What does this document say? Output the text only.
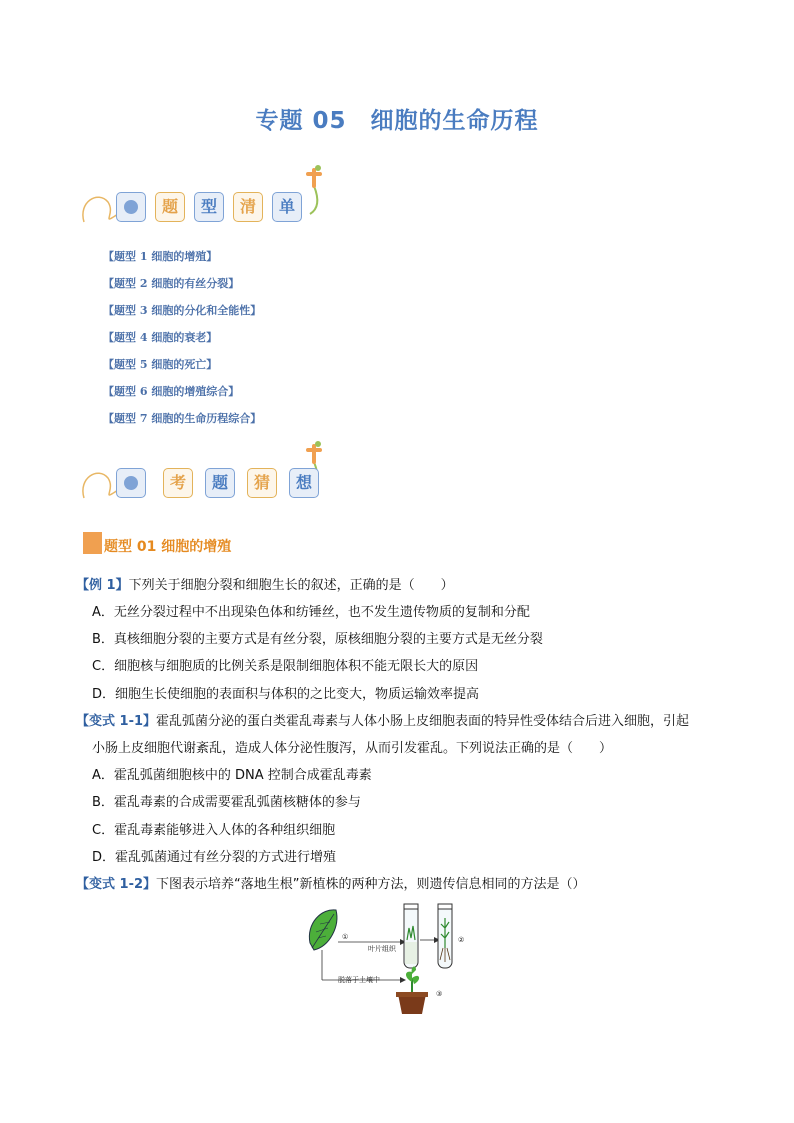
专题 05　细胞的生命历程
题	型	清	单
【题型 1 细胞的增殖】
【题型 2 细胞的有丝分裂】
【题型 3 细胞的分化和全能性】
【题型 4 细胞的衰老】
【题型 5 细胞的死亡】
【题型 6 细胞的增殖综合】
【题型 7 细胞的生命历程综合】
考	题	猜	想
题型 01 细胞的增殖
【例 1】下列关于细胞分裂和细胞生长的叙述，正确的是（　　）
A．无丝分裂过程中不出现染色体和纺锤丝，也不发生遗传物质的复制和分配
B．真核细胞分裂的主要方式是有丝分裂，原核细胞分裂的主要方式是无丝分裂
C．细胞核与细胞质的比例关系是限制细胞体积不能无限长大的原因
D．细胞生长使细胞的表面积与体积的之比变大，物质运输效率提高
【变式 1-1】霍乱弧菌分泌的蛋白类霍乱毒素与人体小肠上皮细胞表面的特异性受体结合后进入细胞，引起
小肠上皮细胞代谢紊乱，造成人体分泌性腹泻，从而引发霍乱。下列说法正确的是（　　）
A．霍乱弧菌细胞核中的 DNA 控制合成霍乱毒素
B．霍乱毒素的合成需要霍乱弧菌核糖体的参与
C．霍乱毒素能够进入人体的各种组织细胞
D．霍乱弧菌通过有丝分裂的方式进行增殖
【变式 1-2】下图表示培养“落地生根”新植株的两种方法，则遗传信息相同的方法是（）
①
叶片组织
②
脱落于土壤中
③
